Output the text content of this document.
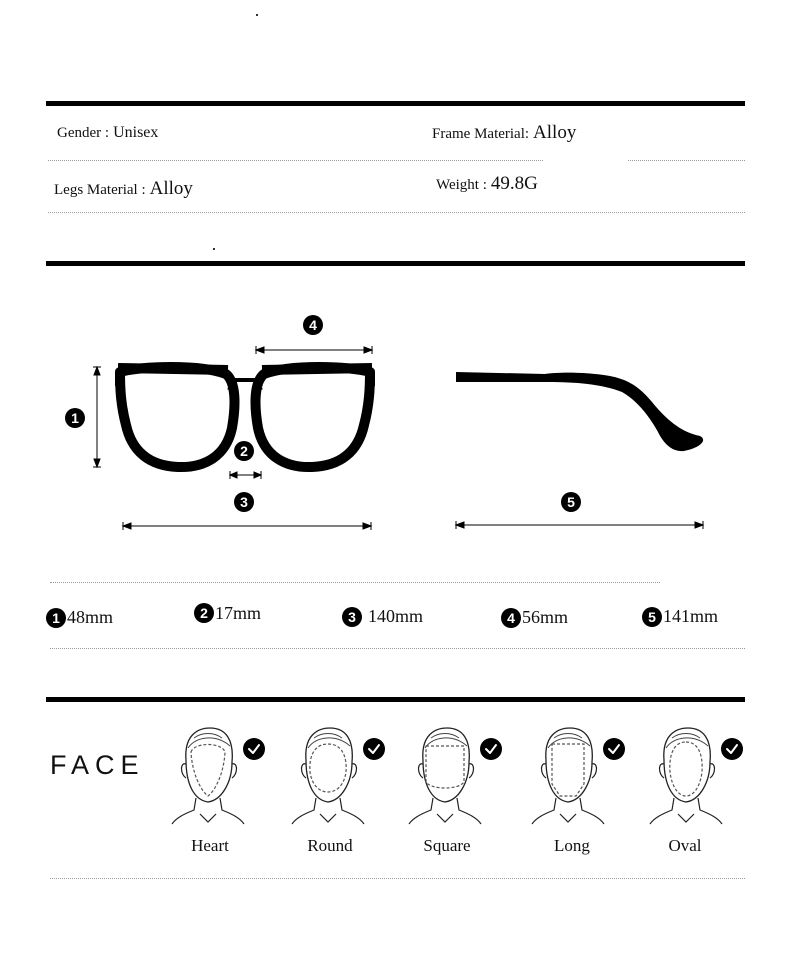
Gender : Unisex	Frame Material: Alloy
Legs Material : Alloy	Weight : 49.8G
4
1
2
3	5
1 48mm	2 17mm	3 140mm	4 56mm	5 141mm
FACE
Heart	Round	Square	Long	Oval
